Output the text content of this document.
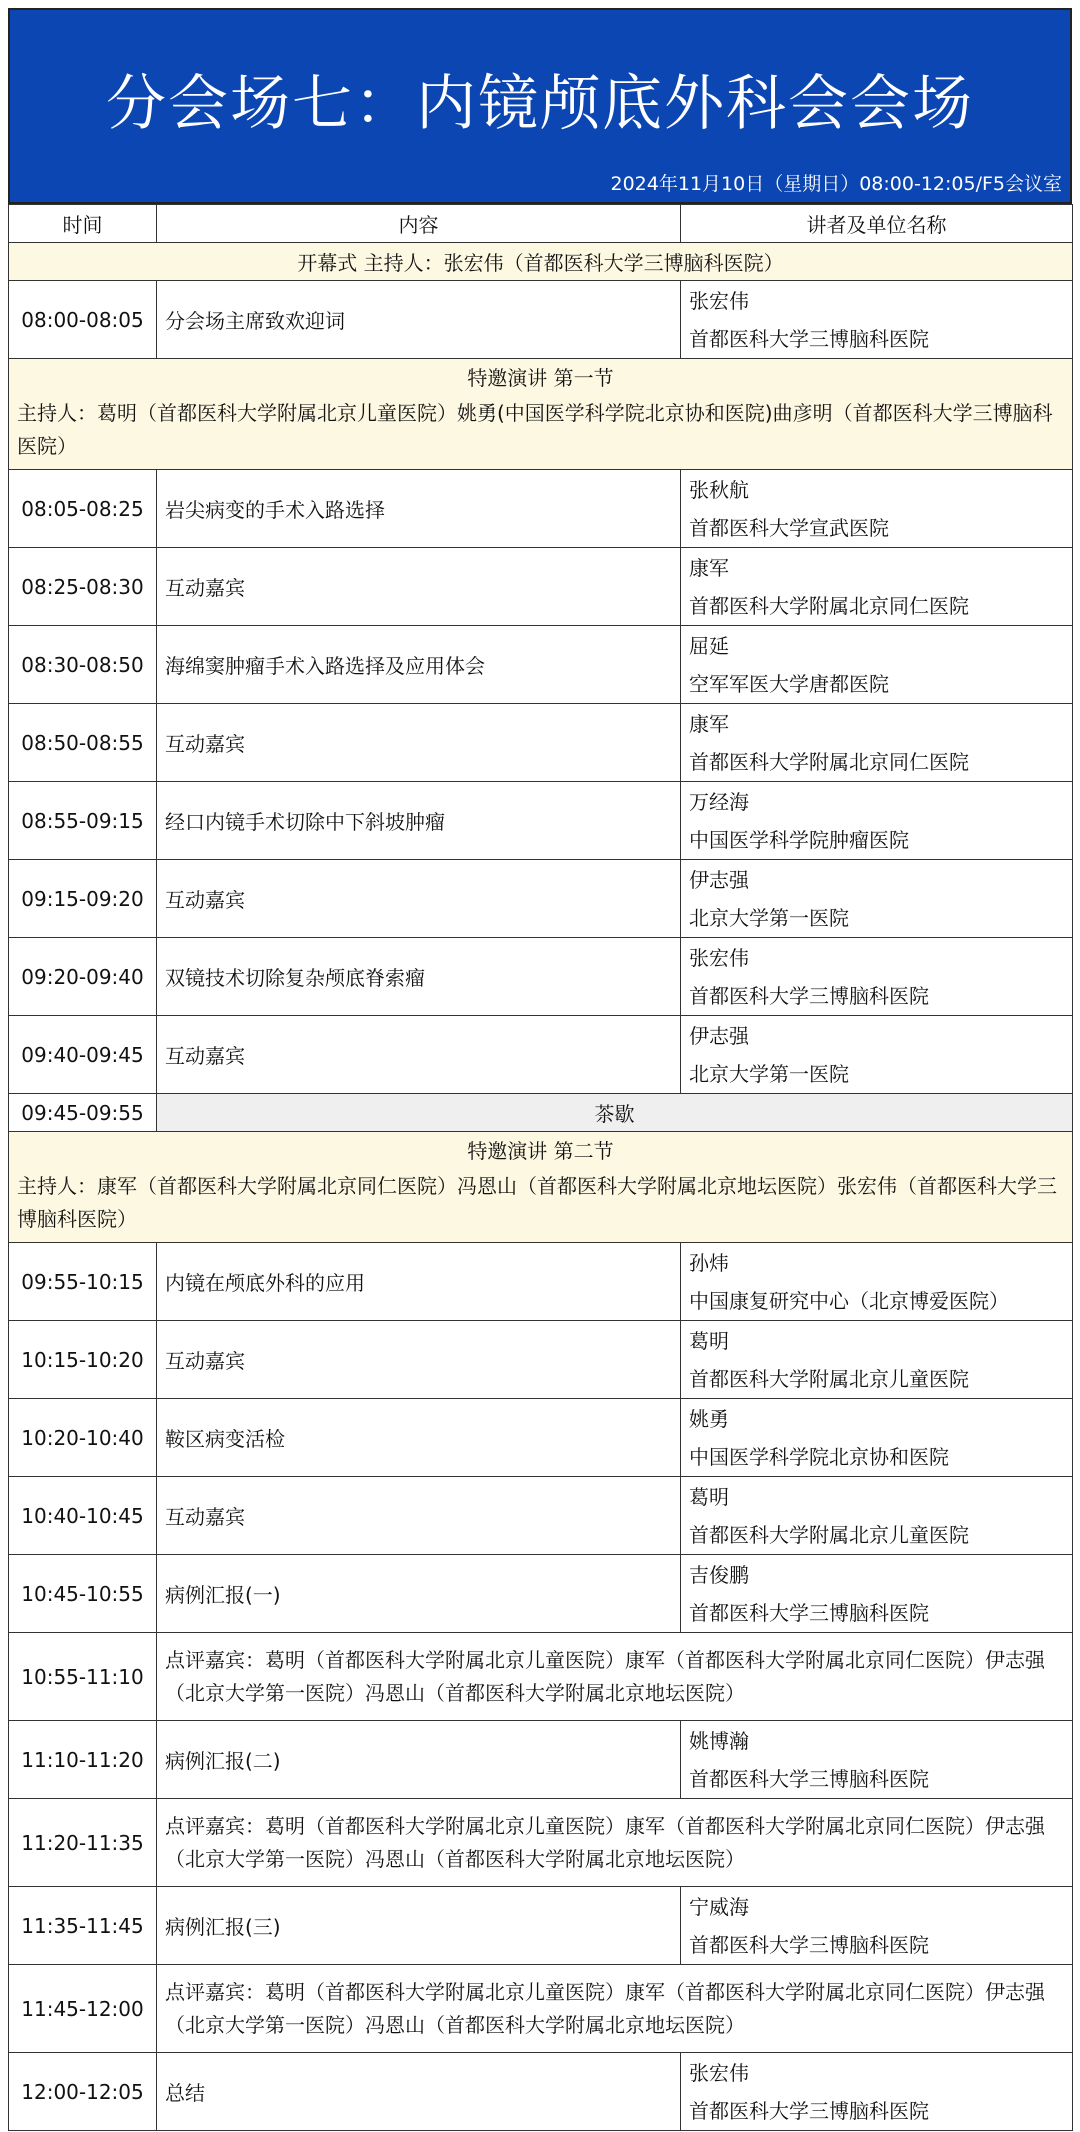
分会场七：内镜颅底外科会会场
2024年11月10日（星期日）08:00-12:05/F5会议室
时间	内容	讲者及单位名称
开幕式 主持人：张宏伟（首都医科大学三博脑科医院）		
08:00-08:05	分会场主席致欢迎词	张宏伟
首都医科大学三博脑科医院

特邀演讲 第一节
主持人：葛明（首都医科大学附属北京儿童医院）姚勇(中国医学科学院北京协和医院)曲彦明（首都医科大学三博脑科医院）		

08:05-08:25	岩尖病变的手术入路选择	张秋航
首都医科大学宣武医院

08:25-08:30	互动嘉宾	康军
首都医科大学附属北京同仁医院

08:30-08:50	海绵窦肿瘤手术入路选择及应用体会	屈延
空军军医大学唐都医院

08:50-08:55	互动嘉宾	康军
首都医科大学附属北京同仁医院

08:55-09:15	经口内镜手术切除中下斜坡肿瘤	万经海
中国医学科学院肿瘤医院

09:15-09:20	互动嘉宾	伊志强
北京大学第一医院

09:20-09:40	双镜技术切除复杂颅底脊索瘤	张宏伟
首都医科大学三博脑科医院

09:40-09:45	互动嘉宾	伊志强
北京大学第一医院

09:45-09:55	茶歇	

特邀演讲 第二节
主持人：康军（首都医科大学附属北京同仁医院）冯恩山（首都医科大学附属北京地坛医院）张宏伟（首都医科大学三博脑科医院）		

09:55-10:15	内镜在颅底外科的应用	孙炜
中国康复研究中心（北京博爱医院）

10:15-10:20	互动嘉宾	葛明
首都医科大学附属北京儿童医院

10:20-10:40	鞍区病变活检	姚勇
中国医学科学院北京协和医院

10:40-10:45	互动嘉宾	葛明
首都医科大学附属北京儿童医院

10:45-10:55	病例汇报(一)	吉俊鹏
首都医科大学三博脑科医院

10:55-11:10	点评嘉宾：葛明（首都医科大学附属北京儿童医院）康军（首都医科大学附属北京同仁医院）伊志强（北京大学第一医院）冯恩山（首都医科大学附属北京地坛医院）	
11:10-11:20	病例汇报(二)	姚博瀚
首都医科大学三博脑科医院

11:20-11:35	点评嘉宾：葛明（首都医科大学附属北京儿童医院）康军（首都医科大学附属北京同仁医院）伊志强（北京大学第一医院）冯恩山（首都医科大学附属北京地坛医院）	
11:35-11:45	病例汇报(三)	宁威海
首都医科大学三博脑科医院

11:45-12:00	点评嘉宾：葛明（首都医科大学附属北京儿童医院）康军（首都医科大学附属北京同仁医院）伊志强（北京大学第一医院）冯恩山（首都医科大学附属北京地坛医院）	
12:00-12:05	总结	张宏伟
首都医科大学三博脑科医院
